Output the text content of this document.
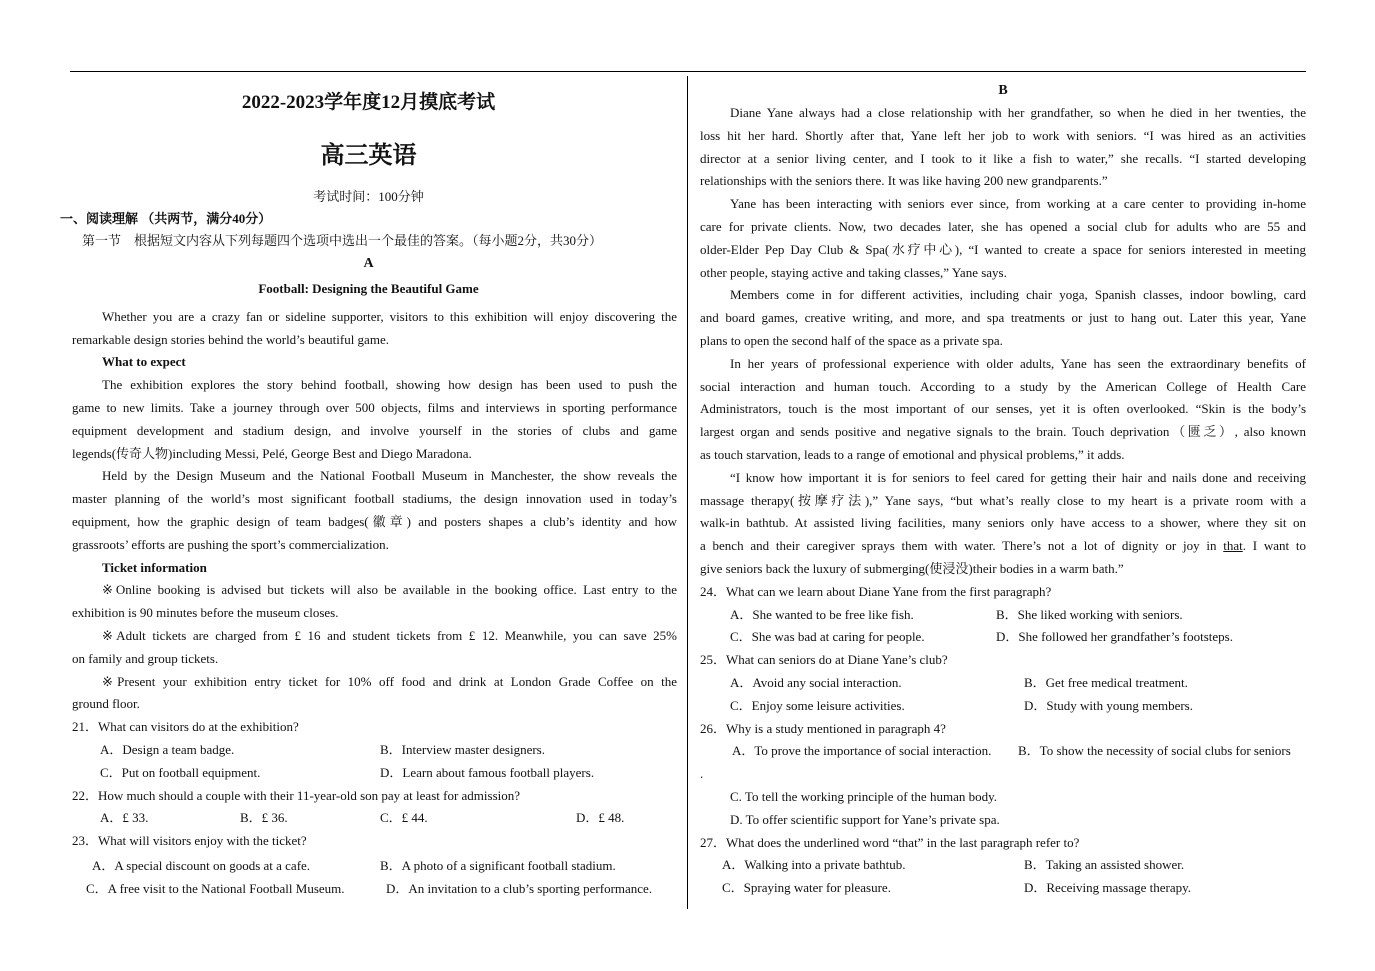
2022-2023学年度12月摸底考试
高三英语
考试时间：100分钟
一、阅读理解 （共两节，满分40分）
第一节　根据短文内容从下列每题四个选项中选出一个最佳的答案。（每小题2分，共30分）
A
Football: Designing the Beautiful Game
Whether you are a crazy fan or sideline supporter, visitors to this exhibition will enjoy discovering the
remarkable design stories behind the world’s beautiful game.
What to expect
The exhibition explores the story behind football, showing how design has been used to push the
game to new limits. Take a journey through over 500 objects, films and interviews in sporting performance
equipment development and stadium design, and involve yourself in the stories of clubs and game
legends(传奇人物)including Messi, Pelé, George Best and Diego Maradona.
Held by the Design Museum and the National Football Museum in Manchester, the show reveals the
master planning of the world’s most significant football stadiums, the design innovation used in today’s
equipment, how the graphic design of team badges(徽章) and posters shapes a club’s identity and how
grassroots’ efforts are pushing the sport’s commercialization.
Ticket information
※Online booking is advised but tickets will also be available in the booking office. Last entry to the
exhibition is 90 minutes before the museum closes.
※Adult tickets are charged from £ 16 and student tickets from £ 12. Meanwhile, you can save 25%
on family and group tickets.
※Present your exhibition entry ticket for 10% off food and drink at London Grade Coffee on the
ground floor.
21．What can visitors do at the exhibition?
A．Design a team badge.	B．Interview master designers.
C．Put on football equipment.	D．Learn about famous football players.
22．How much should a couple with their 11-year-old son pay at least for admission?
A．£ 33.	B．£ 36.	C．£ 44.	D．£ 48.
23．What will visitors enjoy with the ticket?
A．A special discount on goods at a cafe.	B．A photo of a significant football stadium.
C．A free visit to the National Football Museum.	D．An invitation to a club’s sporting performance.
B
Diane Yane always had a close relationship with her grandfather, so when he died in her twenties, the
loss hit her hard. Shortly after that, Yane left her job to work with seniors. “I was hired as an activities
director at a senior living center, and I took to it like a fish to water,” she recalls. “I started developing
relationships with the seniors there. It was like having 200 new grandparents.”
Yane has been interacting with seniors ever since, from working at a care center to providing in-home
care for private clients. Now, two decades later, she has opened a social club for adults who are 55 and
older-Elder Pep Day Club & Spa(水疗中心), “I wanted to create a space for seniors interested in meeting
other people, staying active and taking classes,” Yane says.
Members come in for different activities, including chair yoga, Spanish classes, indoor bowling, card
and board games, creative writing, and more, and spa treatments or just to hang out. Later this year, Yane
plans to open the second half of the space as a private spa.
In her years of professional experience with older adults, Yane has seen the extraordinary benefits of
social interaction and human touch. According to a study by the American College of Health Care
Administrators, touch is the most important of our senses, yet it is often overlooked. “Skin is the body’s
largest organ and sends positive and negative signals to the brain. Touch deprivation（匮乏）, also known
as touch starvation, leads to a range of emotional and physical problems,” it adds.
“I know how important it is for seniors to feel cared for getting their hair and nails done and receiving
massage therapy(按摩疗法),” Yane says, “but what’s really close to my heart is a private room with a
walk-in bathtub. At assisted living facilities, many seniors only have access to a shower, where they sit on
a bench and their caregiver sprays them with water. There’s not a lot of dignity or joy in that. I want to
give seniors back the luxury of submerging(使浸没)their bodies in a warm bath.”
24．What can we learn about Diane Yane from the first paragraph?
A．She wanted to be free like fish.	B．She liked working with seniors.
C．She was bad at caring for people.	D．She followed her grandfather’s footsteps.
25．What can seniors do at Diane Yane’s club?
A．Avoid any social interaction.	B．Get free medical treatment.
C．Enjoy some leisure activities.	D．Study with young members.
26．Why is a study mentioned in paragraph 4?
A．To prove the importance of social interaction. B．To show the necessity of social clubs for seniors
.
C. To tell the working principle of the human body.
D. To offer scientific support for Yane’s private spa.
27．What does the underlined word “that” in the last paragraph refer to?
A．Walking into a private bathtub.	B．Taking an assisted shower.
C．Spraying water for pleasure.	D．Receiving massage therapy.
